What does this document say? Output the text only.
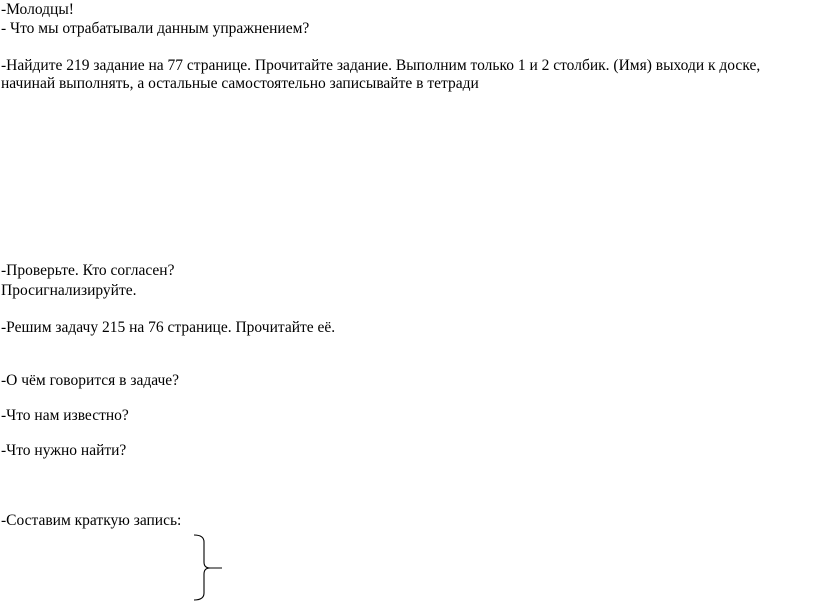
-Молодцы!
- Что мы отрабатывали данным упражнением?
-Найдите 219 задание на 77 странице. Прочитайте задание. Выполним только 1 и 2 столбик. (Имя) выходи к доске,
начинай выполнять, а остальные самостоятельно записывайте в тетради
-Проверьте. Кто согласен?
Просигнализируйте.
-Решим задачу 215 на 76 странице. Прочитайте её.
-О чём говорится в задаче?
-Что нам известно?
-Что нужно найти?
-Составим краткую запись:
